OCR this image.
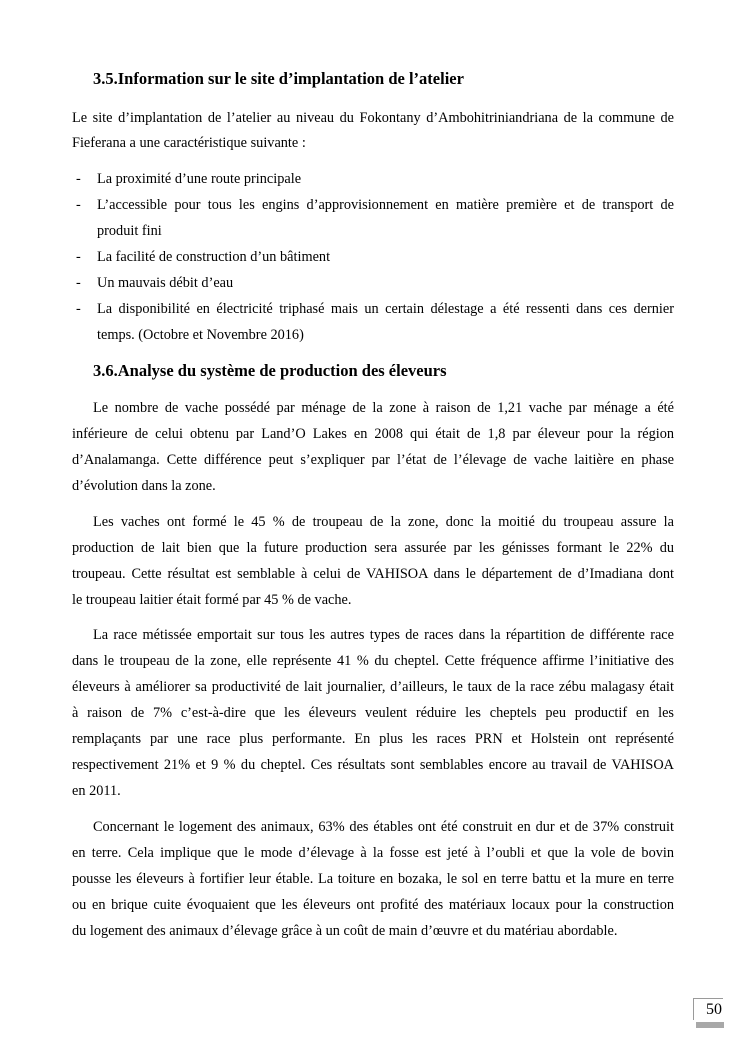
3.5.Information sur le site d’implantation de l’atelier
Le site d’implantation de l’atelier au niveau du Fokontany d’Ambohitriniandriana de la commune de
Fieferana a une caractéristique suivante :
- La proximité d’une route principale
- L’accessible pour tous les engins d’approvisionnement en matière première et de transport de
produit fini
- La facilité de construction d’un bâtiment
- Un mauvais débit d’eau
- La disponibilité en électricité triphasé mais un certain délestage a été ressenti dans ces dernier
temps. (Octobre et Novembre 2016)
3.6.Analyse du système de production des éleveurs
Le nombre de vache possédé par ménage de la zone à raison de 1,21 vache par ménage a été
inférieure de celui obtenu par Land’O Lakes en 2008 qui était de 1,8 par éleveur pour la région
d’Analamanga. Cette différence peut s’expliquer par l’état de l’élevage de vache laitière en phase
d’évolution dans la zone.
Les vaches ont formé le 45 % de troupeau de la zone, donc la moitié du troupeau assure la
production de lait bien que la future production sera assurée par les génisses formant le 22% du
troupeau. Cette résultat est semblable à celui de VAHISOA dans le département de d’Imadiana dont
le troupeau laitier était formé par 45 % de vache.
La race métissée emportait sur tous les autres types de races dans la répartition de différente race
dans le troupeau de la zone, elle représente 41 % du cheptel. Cette fréquence affirme l’initiative des
éleveurs à améliorer sa productivité de lait journalier, d’ailleurs, le taux de la race zébu malagasy était
à raison de 7% c’est-à-dire que les éleveurs veulent réduire les cheptels peu productif en les
remplaçants par une race plus performante. En plus les races PRN et Holstein ont représenté
respectivement 21% et 9 % du cheptel. Ces résultats sont semblables encore au travail de VAHISOA
en 2011.
Concernant le logement des animaux, 63% des étables ont été construit en dur et de 37% construit
en terre. Cela implique que le mode d’élevage à la fosse est jeté à l’oubli et que la vole de bovin
pousse les éleveurs à fortifier leur étable. La toiture en bozaka, le sol en terre battu et la mure en terre
ou en brique cuite évoquaient que les éleveurs ont profité des matériaux locaux pour la construction
du logement des animaux d’élevage grâce à un coût de main d’œuvre et du matériau abordable.
50
